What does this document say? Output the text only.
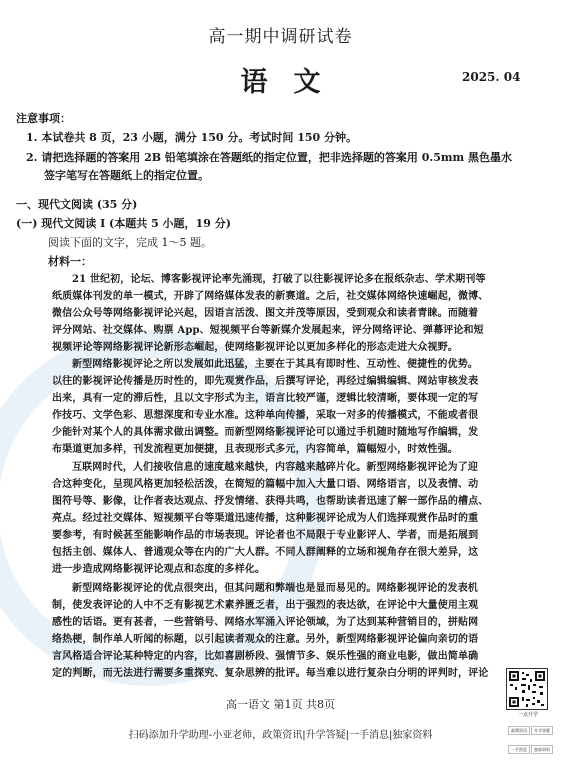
高一期中调研试卷
语文	2025. 04
注意事项：
1. 本试卷共 8 页，23 小题，满分 150 分。考试时间 150 分钟。
2. 请把选择题的答案用 2B 铅笔填涂在答题纸的指定位置，把非选择题的答案用 0.5mm 黑色墨水
签字笔写在答题纸上的指定位置。
一、现代文阅读 (35 分)
(一) 现代文阅读 I (本题共 5 小题，19 分)
阅读下面的文字，完成 1～5 题。
材料一：
21 世纪初，论坛、博客影视评论率先涌现，打破了以往影视评论多在报纸杂志、学术期刊等
纸质媒体刊发的单一模式，开辟了网络媒体发表的新赛道。之后，社交媒体网络快速崛起，微博、
微信公众号等网络影视评论兴起，因语言活泼、图文并茂等原因，受到观众和读者青睐。而随着
评分网站、社交媒体、购票 App、短视频平台等新媒介发展起来，评分网络评论、弹幕评论和短
视频评论等网络影视评论新形态崛起，使网络影视评论以更加多样化的形态走进大众视野。
新型网络影视评论之所以发展如此迅猛，主要在于其具有即时性、互动性、便捷性的优势。
以往的影视评论传播是历时性的，即先观赏作品，后撰写评论，再经过编辑编辑、网站审核发表
出来，具有一定的滞后性，且以文字形式为主，语言比较严谨，逻辑比较清晰，要体现一定的写
作技巧、文学色彩、思想深度和专业水准。这种单向传播，采取一对多的传播模式，不能或者很
少能针对某个人的具体需求做出调整。而新型网络影视评论可以通过手机随时随地写作编辑，发
布渠道更加多样，刊发流程更加便捷，且表现形式多元，内容简单，篇幅短小，时效性强。
互联网时代，人们接收信息的速度越来越快，内容越来越碎片化。新型网络影视评论为了迎
合这种变化，呈现风格更加轻松活泼，在简短的篇幅中加入大量口语、网络语言，以及表情、动
图符号等、影像，让作者表达观点、抒发情绪、获得共鸣，也帮助读者迅速了解一部作品的槽点、
亮点。经过社交媒体、短视频平台等渠道迅速传播，这种影视评论成为人们选择观赏作品时的重
要参考，有时候甚至能影响作品的市场表现。评论者也不局限于专业影评人、学者，而是拓展到
包括主创、媒体人、普通观众等在内的广大人群。不同人群阐释的立场和视角存在很大差异，这
进一步造成网络影视评论观点和态度的多样化。
新型网络影视评论的优点很突出，但其问题和弊端也是显而易见的。网络影视评论的发表机
制，使发表评论的人中不乏有影视艺术素养匮乏者，出于强烈的表达欲，在评论中大量使用主观
感性的话语。更有甚者，一些营销号、网络水军涌入评论领域，为了达到某种营销目的，拼贴网
络热梗，制作单人听闻的标题，以引起读者观众的注意。另外，新型网络影视评论偏向亲切的语
言风格适合评论某种特定的内容，比如喜剧桥段、强情节多、娱乐性强的商业电影，做出简单确
定的判断，而无法进行需要多重探究、复杂思辨的批评。每当难以进行复杂白分明的评判时，评论
高一语文 第1页 共8页
扫码添加升学助理-小亚老师，政策资讯|升学答疑|一手消息|独家资料
一点升学
政策资讯 升学答疑 一手消息 独家资料
